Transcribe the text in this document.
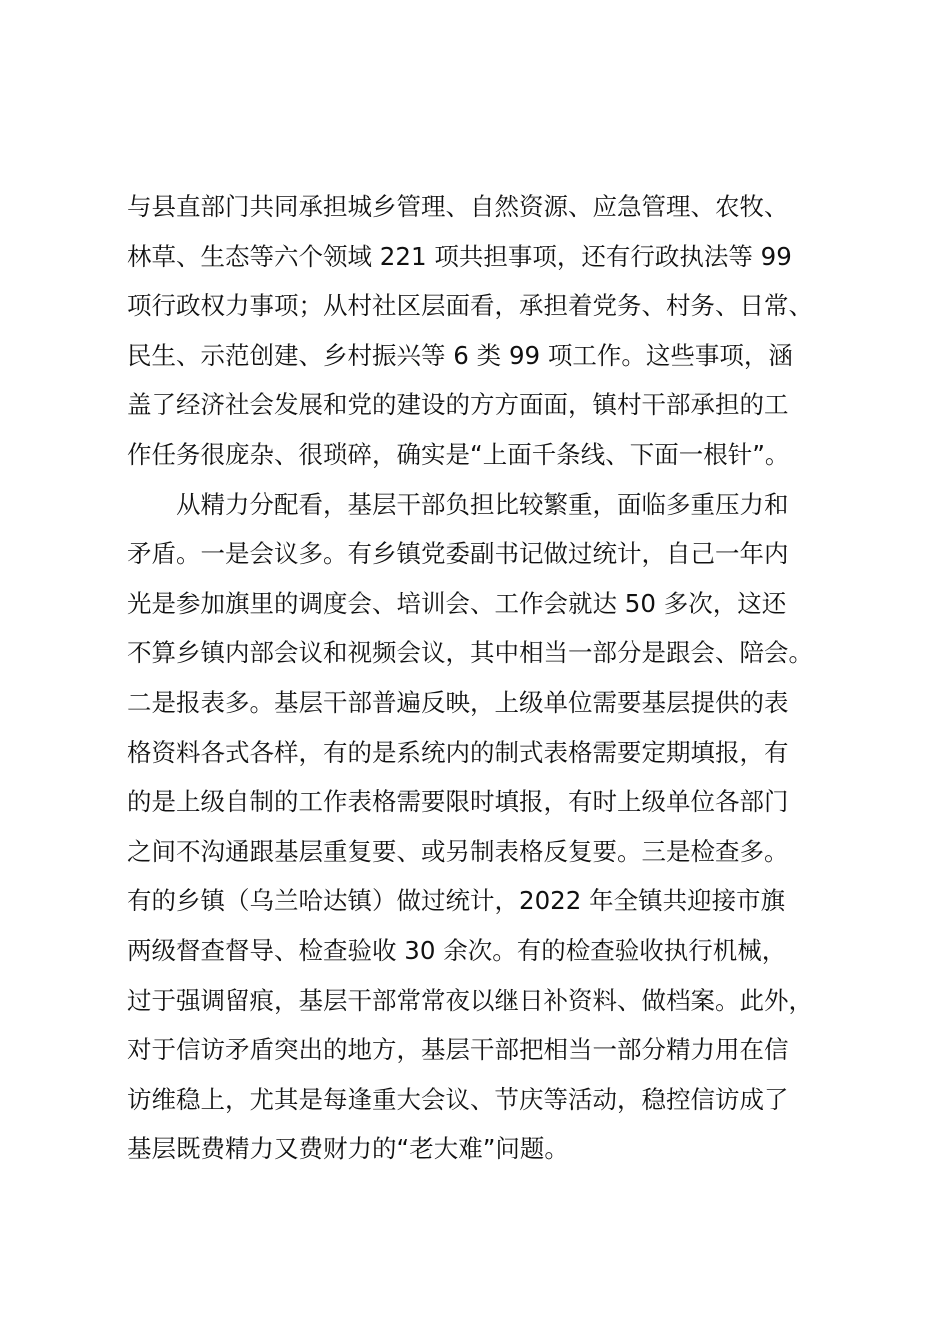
与县直部门共同承担城乡管理、自然资源、应急管理、农牧、
林草、生态等六个领域 221 项共担事项，还有行政执法等 99
项行政权力事项；从村社区层面看，承担着党务、村务、日常、
民生、示范创建、乡村振兴等 6 类 99 项工作。这些事项，涵
盖了经济社会发展和党的建设的方方面面，镇村干部承担的工
作任务很庞杂、很琐碎，确实是“上面千条线、下面一根针”。
从精力分配看，基层干部负担比较繁重，面临多重压力和
矛盾。一是会议多。有乡镇党委副书记做过统计，自己一年内
光是参加旗里的调度会、培训会、工作会就达 50 多次，这还
不算乡镇内部会议和视频会议，其中相当一部分是跟会、陪会。
二是报表多。基层干部普遍反映，上级单位需要基层提供的表
格资料各式各样，有的是系统内的制式表格需要定期填报，有
的是上级自制的工作表格需要限时填报，有时上级单位各部门
之间不沟通跟基层重复要、或另制表格反复要。三是检查多。
有的乡镇（乌兰哈达镇）做过统计，2022 年全镇共迎接市旗
两级督查督导、检查验收 30 余次。有的检查验收执行机械，
过于强调留痕，基层干部常常夜以继日补资料、做档案。此外，
对于信访矛盾突出的地方，基层干部把相当一部分精力用在信
访维稳上，尤其是每逢重大会议、节庆等活动，稳控信访成了
基层既费精力又费财力的“老大难”问题。
